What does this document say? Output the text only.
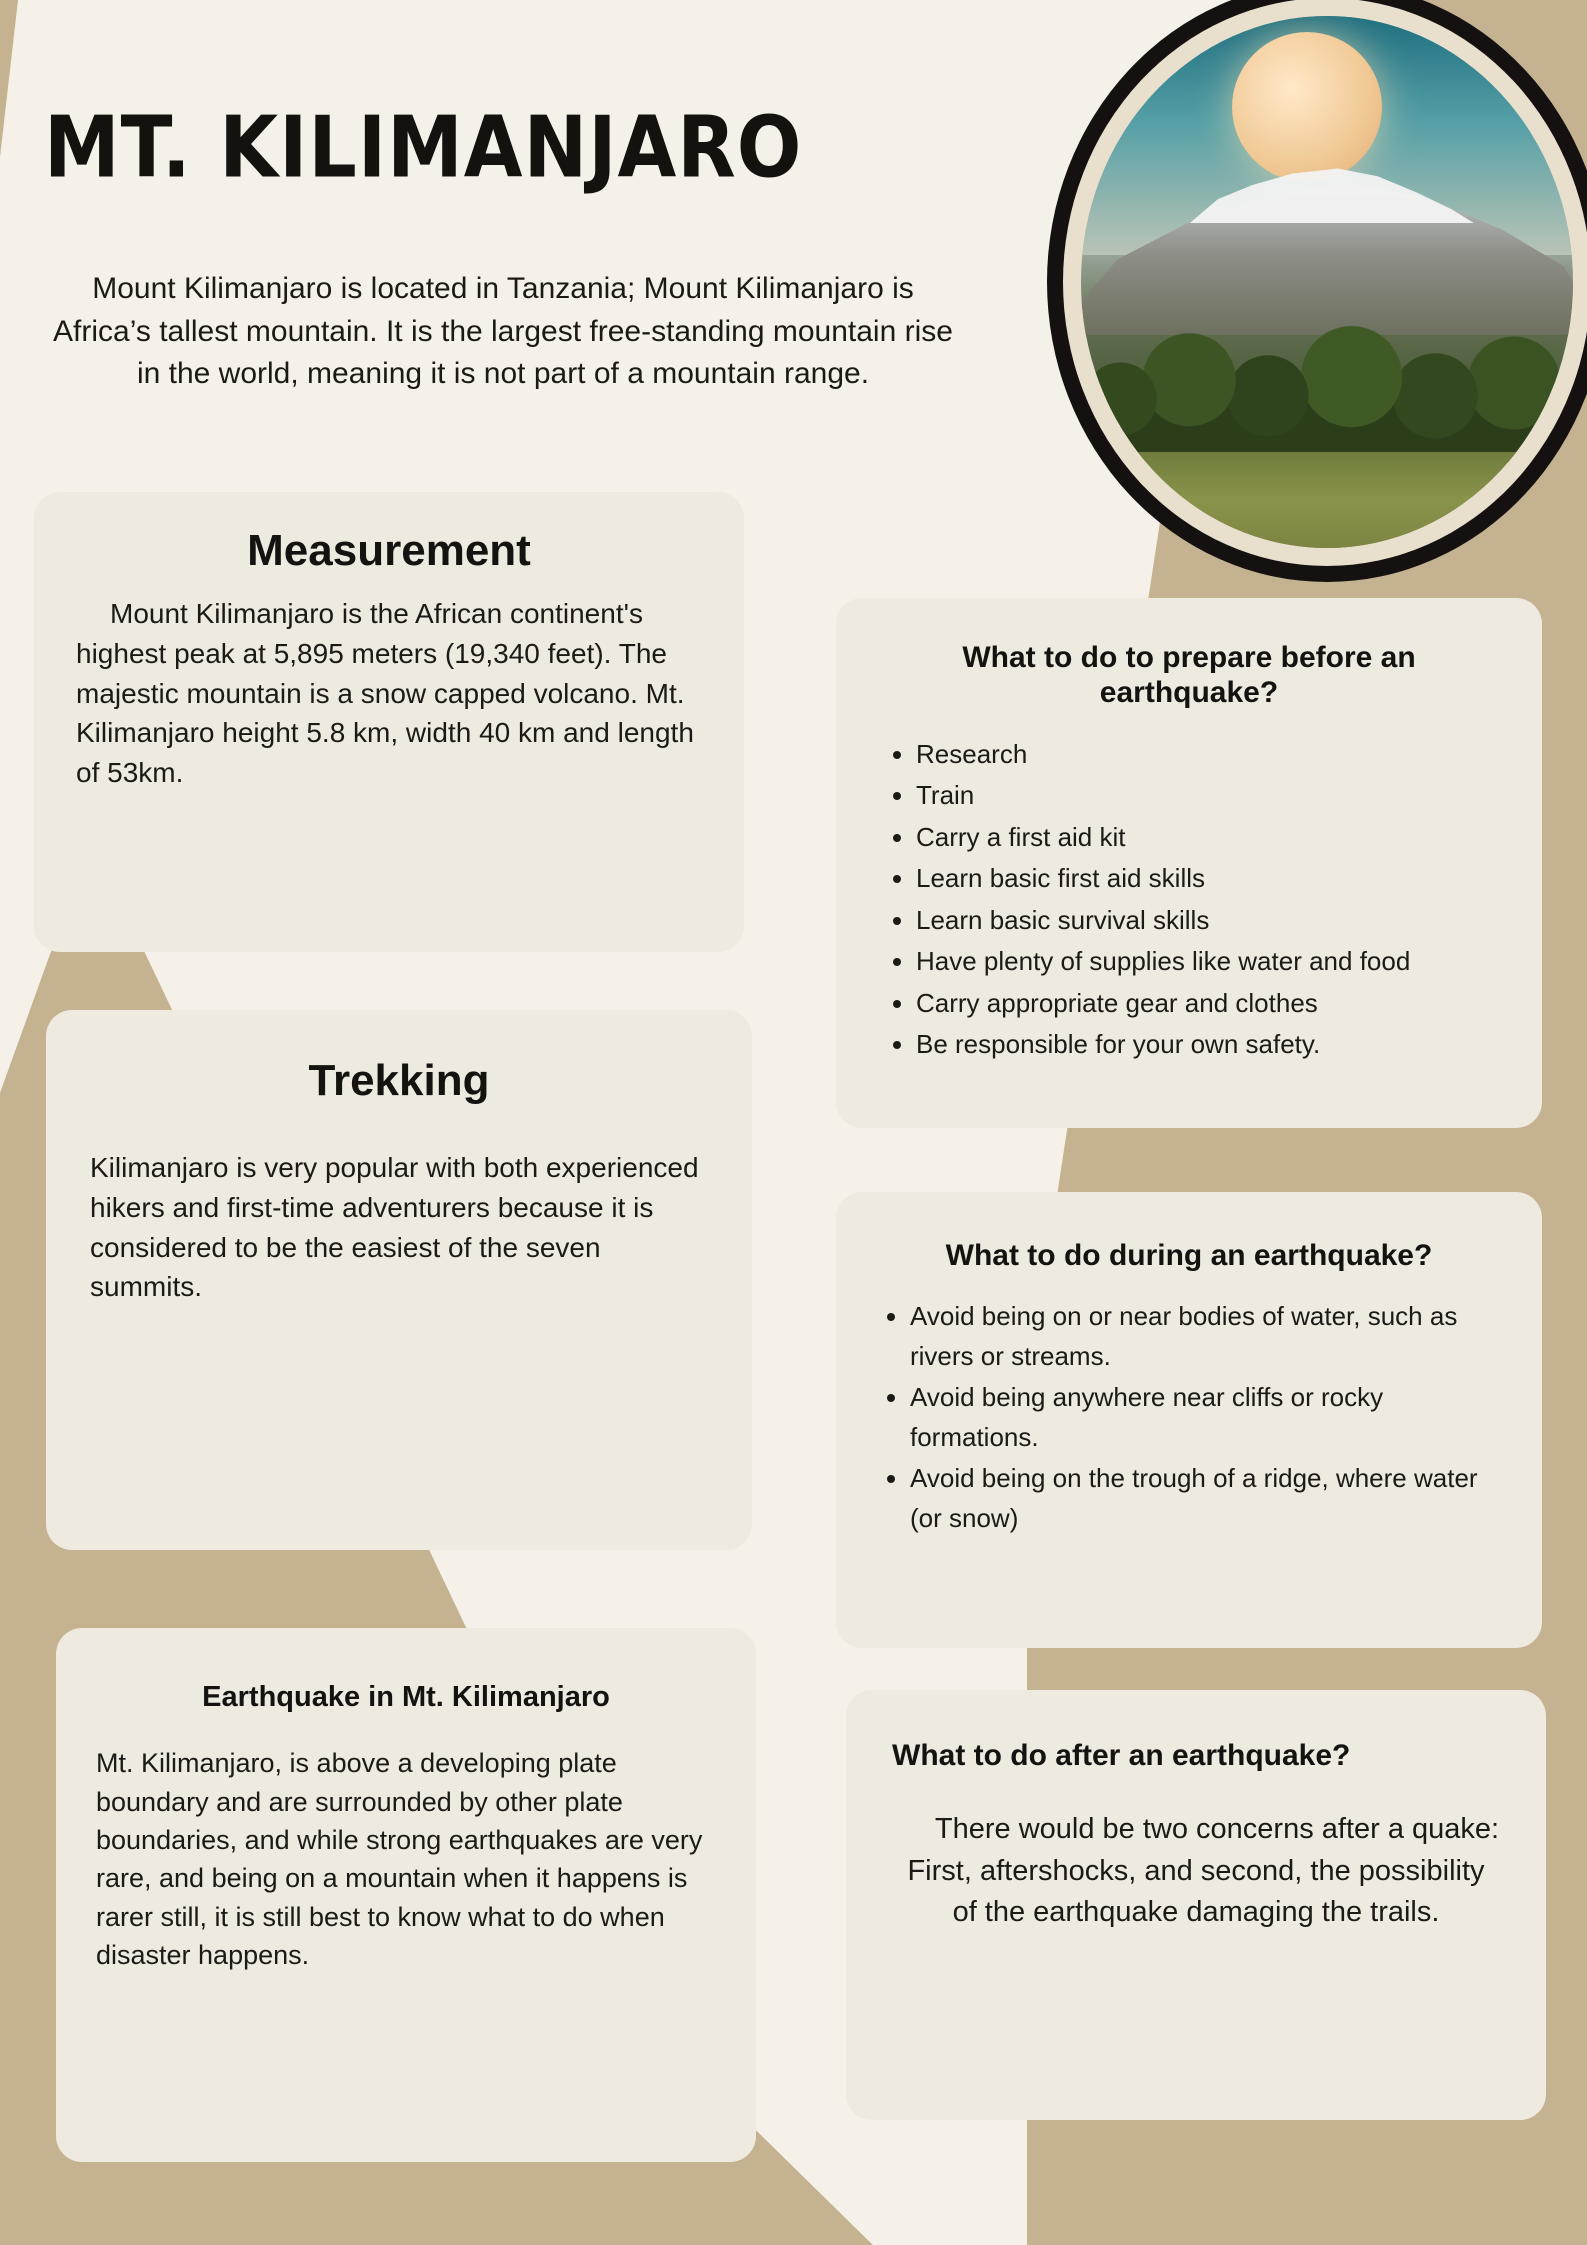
MT. KILIMANJARO

Mount Kilimanjaro is located in Tanzania; Mount Kilimanjaro is Africa’s tallest mountain. It is the largest free-standing mountain rise in the world, meaning it is not part of a mountain range.

Measurement

Mount Kilimanjaro is the African continent's highest peak at 5,895 meters (19,340 feet). The majestic mountain is a snow capped volcano. Mt. Kilimanjaro height 5.8 km, width 40 km and length of 53km.

Trekking

Kilimanjaro is very popular with both experienced hikers and first-time adventurers because it is considered to be the easiest of the seven summits.

Earthquake in Mt. Kilimanjaro

Mt. Kilimanjaro, is above a developing plate boundary and are surrounded by other plate boundaries, and while strong earthquakes are very rare, and being on a mountain when it happens is rarer still, it is still best to know what to do when disaster happens.

What to do to prepare before an earthquake?
• Research
• Train
• Carry a first aid kit
• Learn basic first aid skills
• Learn basic survival skills
• Have plenty of supplies like water and food
• Carry appropriate gear and clothes
• Be responsible for your own safety.
What to do during an earthquake?
• Avoid being on or near bodies of water, such as rivers or streams.
• Avoid being anywhere near cliffs or rocky formations.
• Avoid being on the trough of a ridge, where water (or snow)
What to do after an earthquake?

There would be two concerns after a quake: First, aftershocks, and second, the possibility of the earthquake damaging the trails.
